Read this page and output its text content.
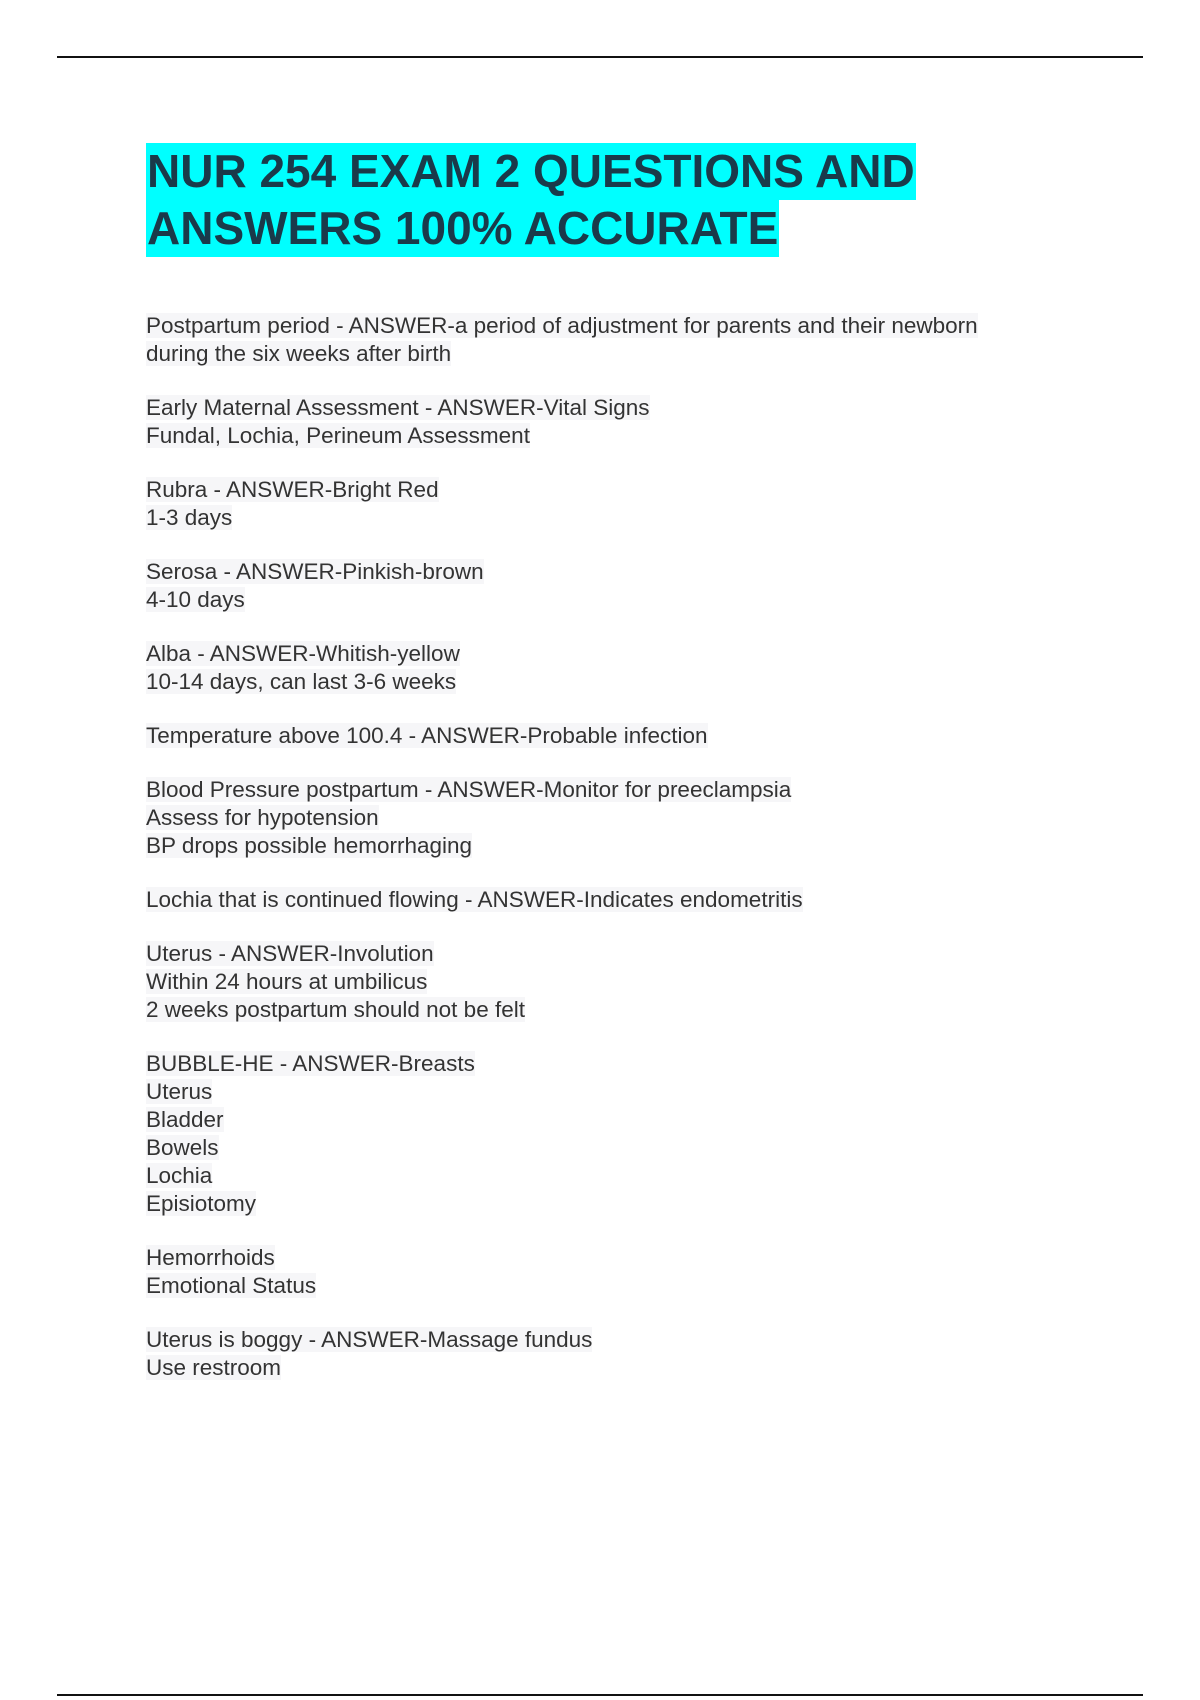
NUR 254 EXAM 2 QUESTIONS AND
ANSWERS 100% ACCURATE
Postpartum period - ANSWER-a period of adjustment for parents and their newborn
during the six weeks after birth
Early Maternal Assessment - ANSWER-Vital Signs
Fundal, Lochia, Perineum Assessment
Rubra - ANSWER-Bright Red
1-3 days
Serosa - ANSWER-Pinkish-brown
4-10 days
Alba - ANSWER-Whitish-yellow
10-14 days, can last 3-6 weeks
Temperature above 100.4 - ANSWER-Probable infection
Blood Pressure postpartum - ANSWER-Monitor for preeclampsia
Assess for hypotension
BP drops possible hemorrhaging
Lochia that is continued flowing - ANSWER-Indicates endometritis
Uterus - ANSWER-Involution
Within 24 hours at umbilicus
2 weeks postpartum should not be felt
BUBBLE-HE - ANSWER-Breasts
Uterus
Bladder
Bowels
Lochia
Episiotomy
Hemorrhoids
Emotional Status
Uterus is boggy - ANSWER-Massage fundus
Use restroom
